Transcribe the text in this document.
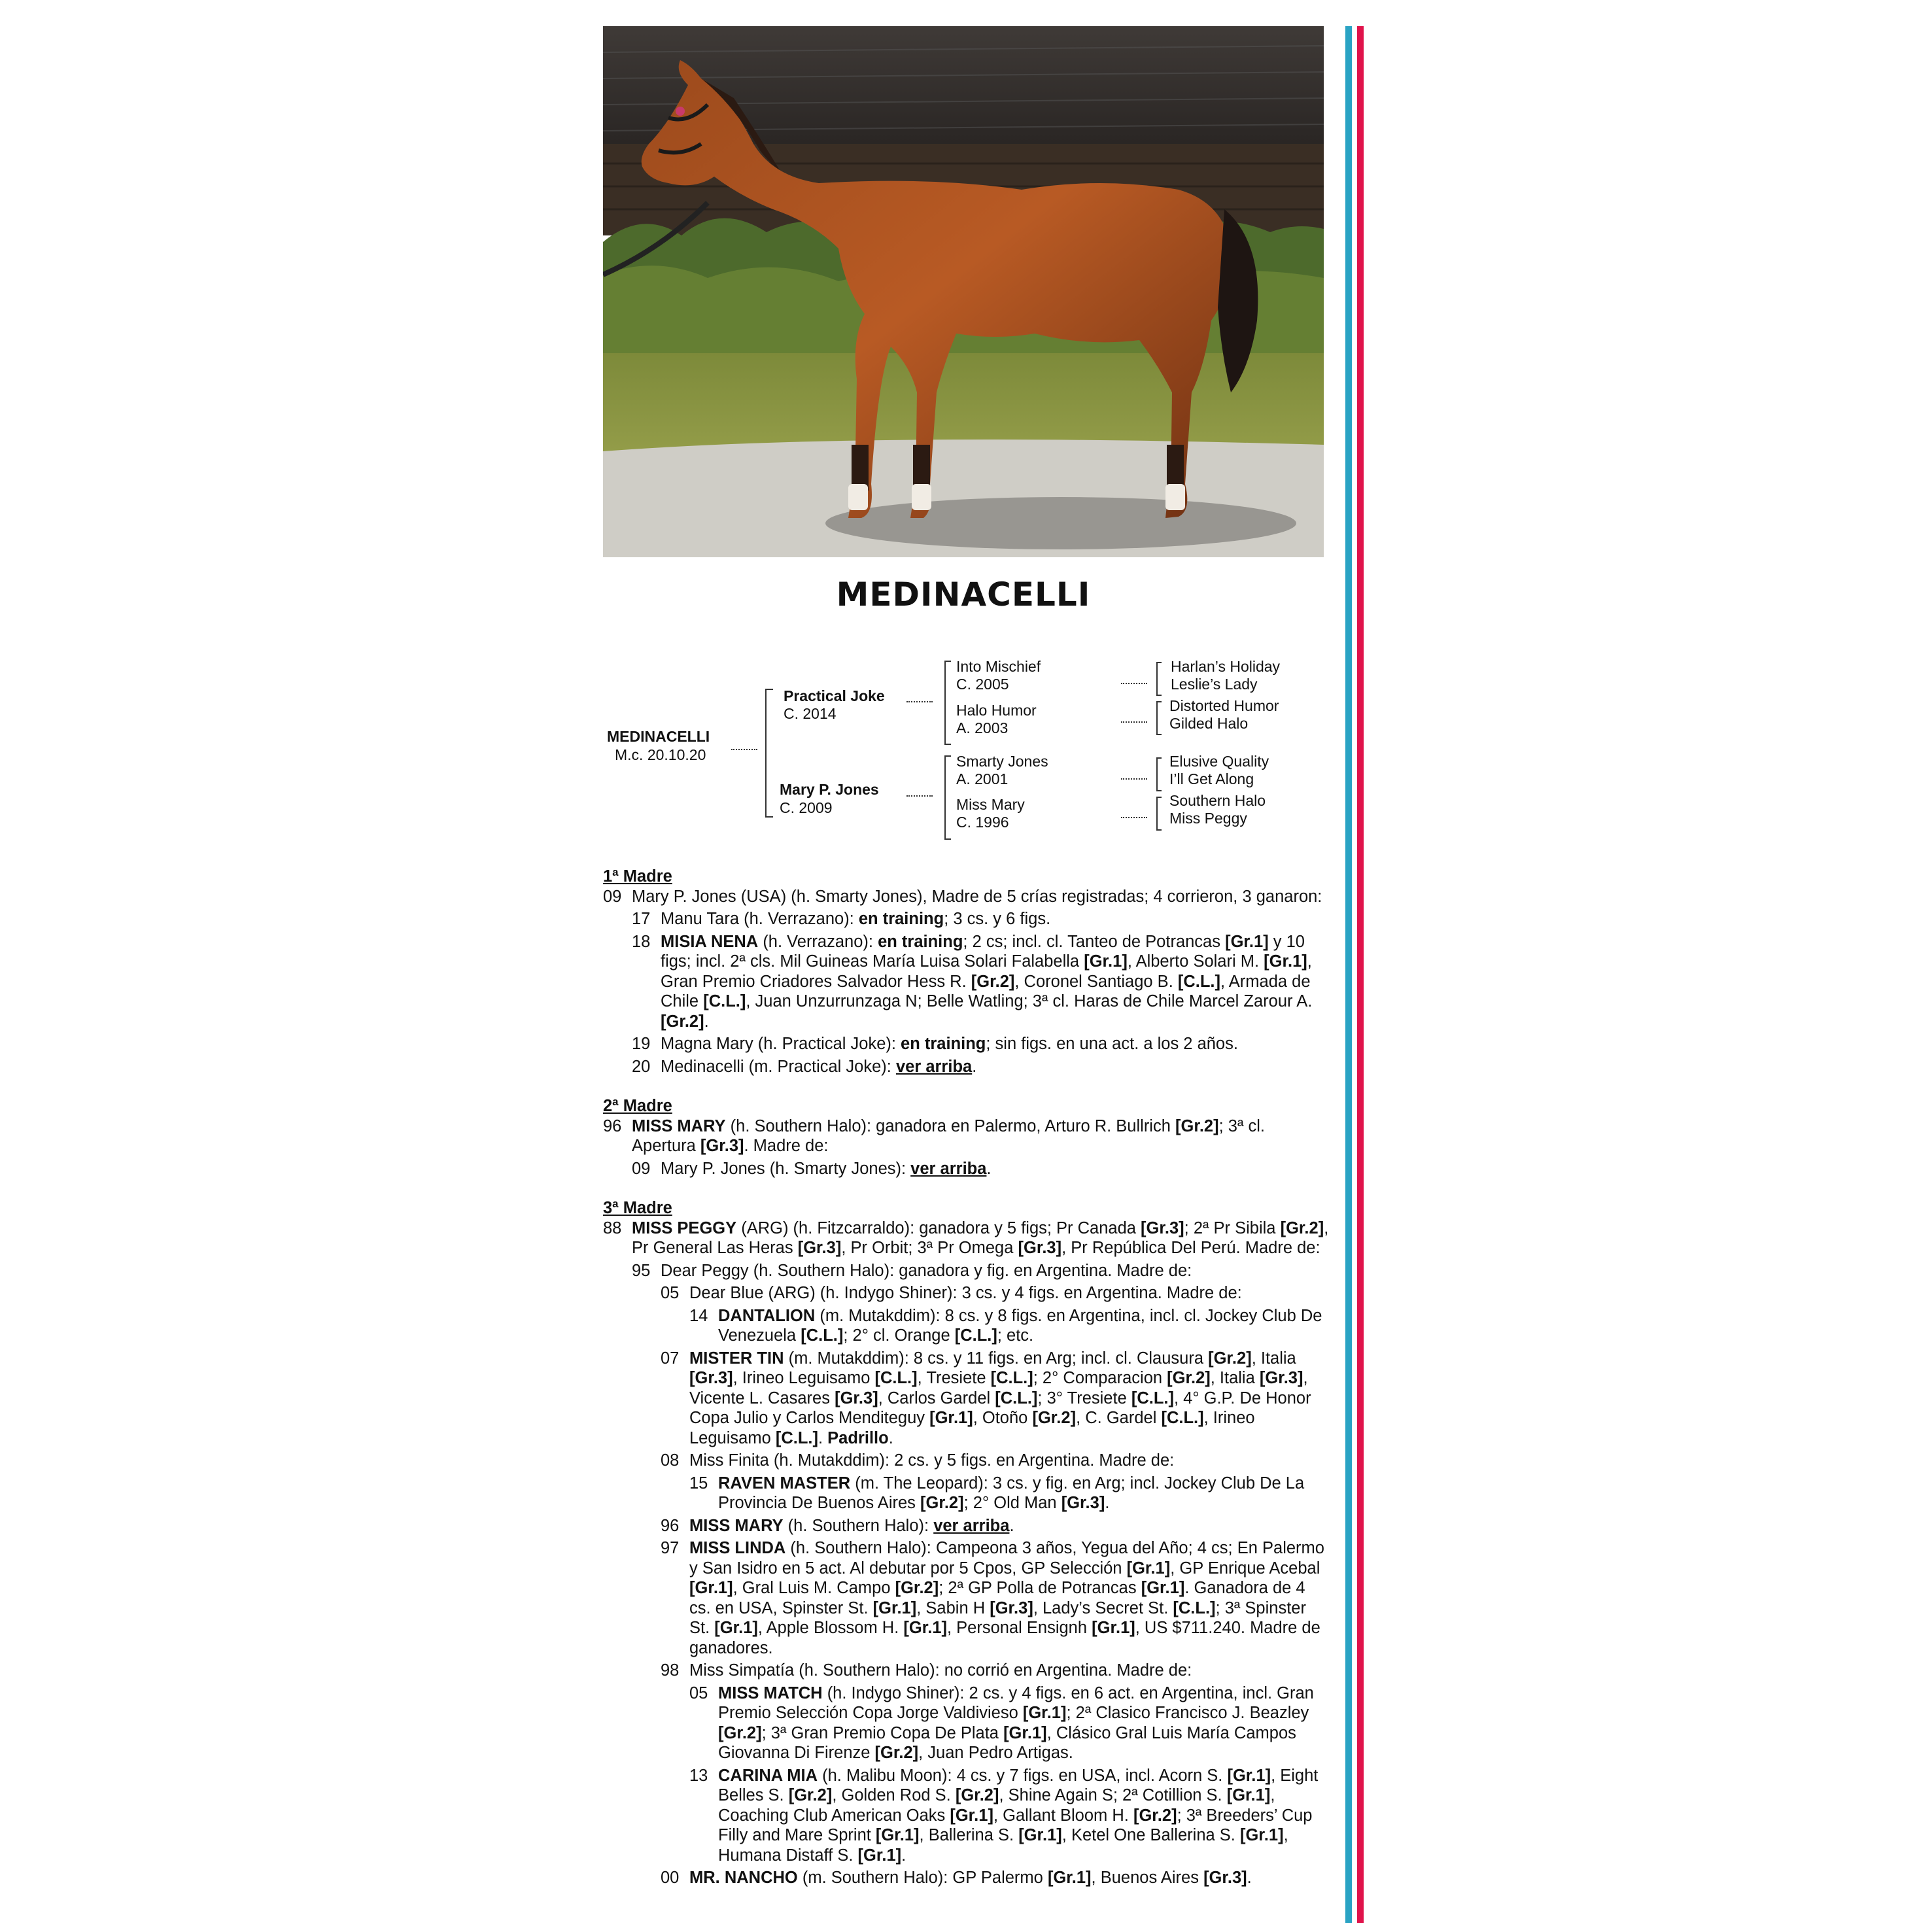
MEDINACELLI
MEDINACELLI
M.c. 20.10.20
Practical Joke
C. 2014
Mary P. Jones
C. 2009
Into Mischief
C. 2005
Halo Humor
A. 2003
Smarty Jones
A. 2001
Miss Mary
C. 1996
Harlan’s Holiday
Leslie’s Lady
Distorted Humor
Gilded Halo
Elusive Quality
I’ll Get Along
Southern Halo
Miss Peggy
1ª Madre
09 Mary P. Jones (USA) (h. Smarty Jones), Madre de 5 crías registradas; 4 corrieron, 3 ganaron:
17 Manu Tara (h. Verrazano): en training; 3 cs. y 6 figs.
18 MISIA NENA (h. Verrazano): en training; 2 cs; incl. cl. Tanteo de Potrancas [Gr.1] y 10 figs; incl. 2ª cls. Mil Guineas María Luisa Solari Falabella [Gr.1], Alberto Solari M. [Gr.1], Gran Premio Criadores Salvador Hess R. [Gr.2], Coronel Santiago B. [C.L.], Armada de Chile [C.L.], Juan Unzurrunzaga N; Belle Watling; 3ª cl. Haras de Chile Marcel Zarour A. [Gr.2].
19 Magna Mary (h. Practical Joke): en training; sin figs. en una act. a los 2 años.
20 Medinacelli (m. Practical Joke): ver arriba.
2ª Madre
96 MISS MARY (h. Southern Halo): ganadora en Palermo, Arturo R. Bullrich [Gr.2]; 3ª cl. Apertura [Gr.3]. Madre de:
09 Mary P. Jones (h. Smarty Jones): ver arriba.
3ª Madre
88 MISS PEGGY (ARG) (h. Fitzcarraldo): ganadora y 5 figs; Pr Canada [Gr.3]; 2ª Pr Sibila [Gr.2], Pr General Las Heras [Gr.3], Pr Orbit; 3ª Pr Omega [Gr.3], Pr República Del Perú. Madre de:
95 Dear Peggy (h. Southern Halo): ganadora y fig. en Argentina. Madre de:
05 Dear Blue (ARG) (h. Indygo Shiner): 3 cs. y 4 figs. en Argentina. Madre de:
14 DANTALION (m. Mutakddim): 8 cs. y 8 figs. en Argentina, incl. cl. Jockey Club De Venezuela [C.L.]; 2° cl. Orange [C.L.]; etc.
07 MISTER TIN (m. Mutakddim): 8 cs. y 11 figs. en Arg; incl. cl. Clausura [Gr.2], Italia [Gr.3], Irineo Leguisamo [C.L.], Tresiete [C.L.]; 2° Comparacion [Gr.2], Italia [Gr.3], Vicente L. Casares [Gr.3], Carlos Gardel [C.L.]; 3° Tresiete [C.L.], 4° G.P. De Honor Copa Julio y Carlos Menditeguy [Gr.1], Otoño [Gr.2], C. Gardel [C.L.], Irineo Leguisamo [C.L.]. Padrillo.
08 Miss Finita (h. Mutakddim): 2 cs. y 5 figs. en Argentina. Madre de:
15 RAVEN MASTER (m. The Leopard): 3 cs. y fig. en Arg; incl. Jockey Club De La Provincia De Buenos Aires [Gr.2]; 2° Old Man [Gr.3].
96 MISS MARY (h. Southern Halo): ver arriba.
97 MISS LINDA (h. Southern Halo): Campeona 3 años, Yegua del Año; 4 cs; En Palermo y San Isidro en 5 act. Al debutar por 5 Cpos, GP Selección [Gr.1], GP Enrique Acebal [Gr.1], Gral Luis M. Campo [Gr.2]; 2ª GP Polla de Potrancas [Gr.1]. Ganadora de 4 cs. en USA, Spinster St. [Gr.1], Sabin H [Gr.3], Lady’s Secret St. [C.L.]; 3ª Spinster St. [Gr.1], Apple Blossom H. [Gr.1], Personal Ensignh [Gr.1], US $711.240. Madre de ganadores.
98 Miss Simpatía (h. Southern Halo): no corrió en Argentina. Madre de:
05 MISS MATCH (h. Indygo Shiner): 2 cs. y 4 figs. en 6 act. en Argentina, incl. Gran Premio Selección Copa Jorge Valdivieso [Gr.1]; 2ª Clasico Francisco J. Beazley [Gr.2]; 3ª Gran Premio Copa De Plata [Gr.1], Clásico Gral Luis María Campos Giovanna Di Firenze [Gr.2], Juan Pedro Artigas.
13 CARINA MIA (h. Malibu Moon): 4 cs. y 7 figs. en USA, incl. Acorn S. [Gr.1], Eight Belles S. [Gr.2], Golden Rod S. [Gr.2], Shine Again S; 2ª Cotillion S. [Gr.1], Coaching Club American Oaks [Gr.1], Gallant Bloom H. [Gr.2]; 3ª Breeders’ Cup Filly and Mare Sprint [Gr.1], Ballerina S. [Gr.1], Ketel One Ballerina S. [Gr.1], Humana Distaff S. [Gr.1].
00 MR. NANCHO (m. Southern Halo): GP Palermo [Gr.1], Buenos Aires [Gr.3].
